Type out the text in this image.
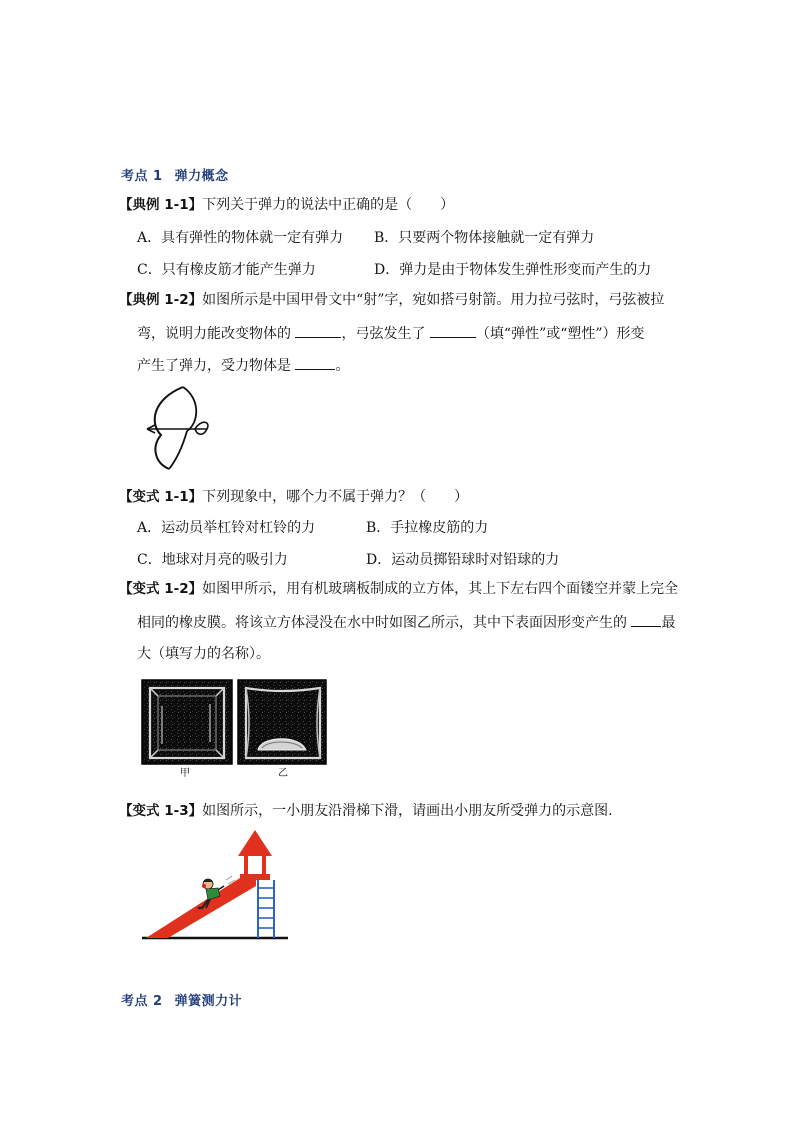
考点 1 弹力概念
【典例 1-1】下列关于弹力的说法中正确的是（　　）
A．具有弹性的物体就一定有弹力 B．只要两个物体接触就一定有弹力
C．只有橡皮筋才能产生弹力	D．弹力是由于物体发生弹性形变而产生的力
【典例 1-2】如图所示是中国甲骨文中“射”字，宛如搭弓射箭。用力拉弓弦时，弓弦被拉
弯，说明力能改变物体的	，弓弦发生了	（填“弹性”或“塑性”）形变
产生了弹力，受力物体是	。
【变式 1-1】下列现象中，哪个力不属于弹力？（　　）
A．运动员举杠铃对杠铃的力	B．手拉橡皮筋的力
C．地球对月亮的吸引力	D．运动员掷铅球时对铅球的力
【变式 1-2】如图甲所示，用有机玻璃板制成的立方体，其上下左右四个面镂空并蒙上完全
相同的橡皮膜。将该立方体浸没在水中时如图乙所示，其中下表面因形变产生的 最
大（填写力的名称）。
甲	乙
【变式 1-3】如图所示，一小朋友沿滑梯下滑，请画出小朋友所受弹力的示意图.
考点 2 弹簧测力计
